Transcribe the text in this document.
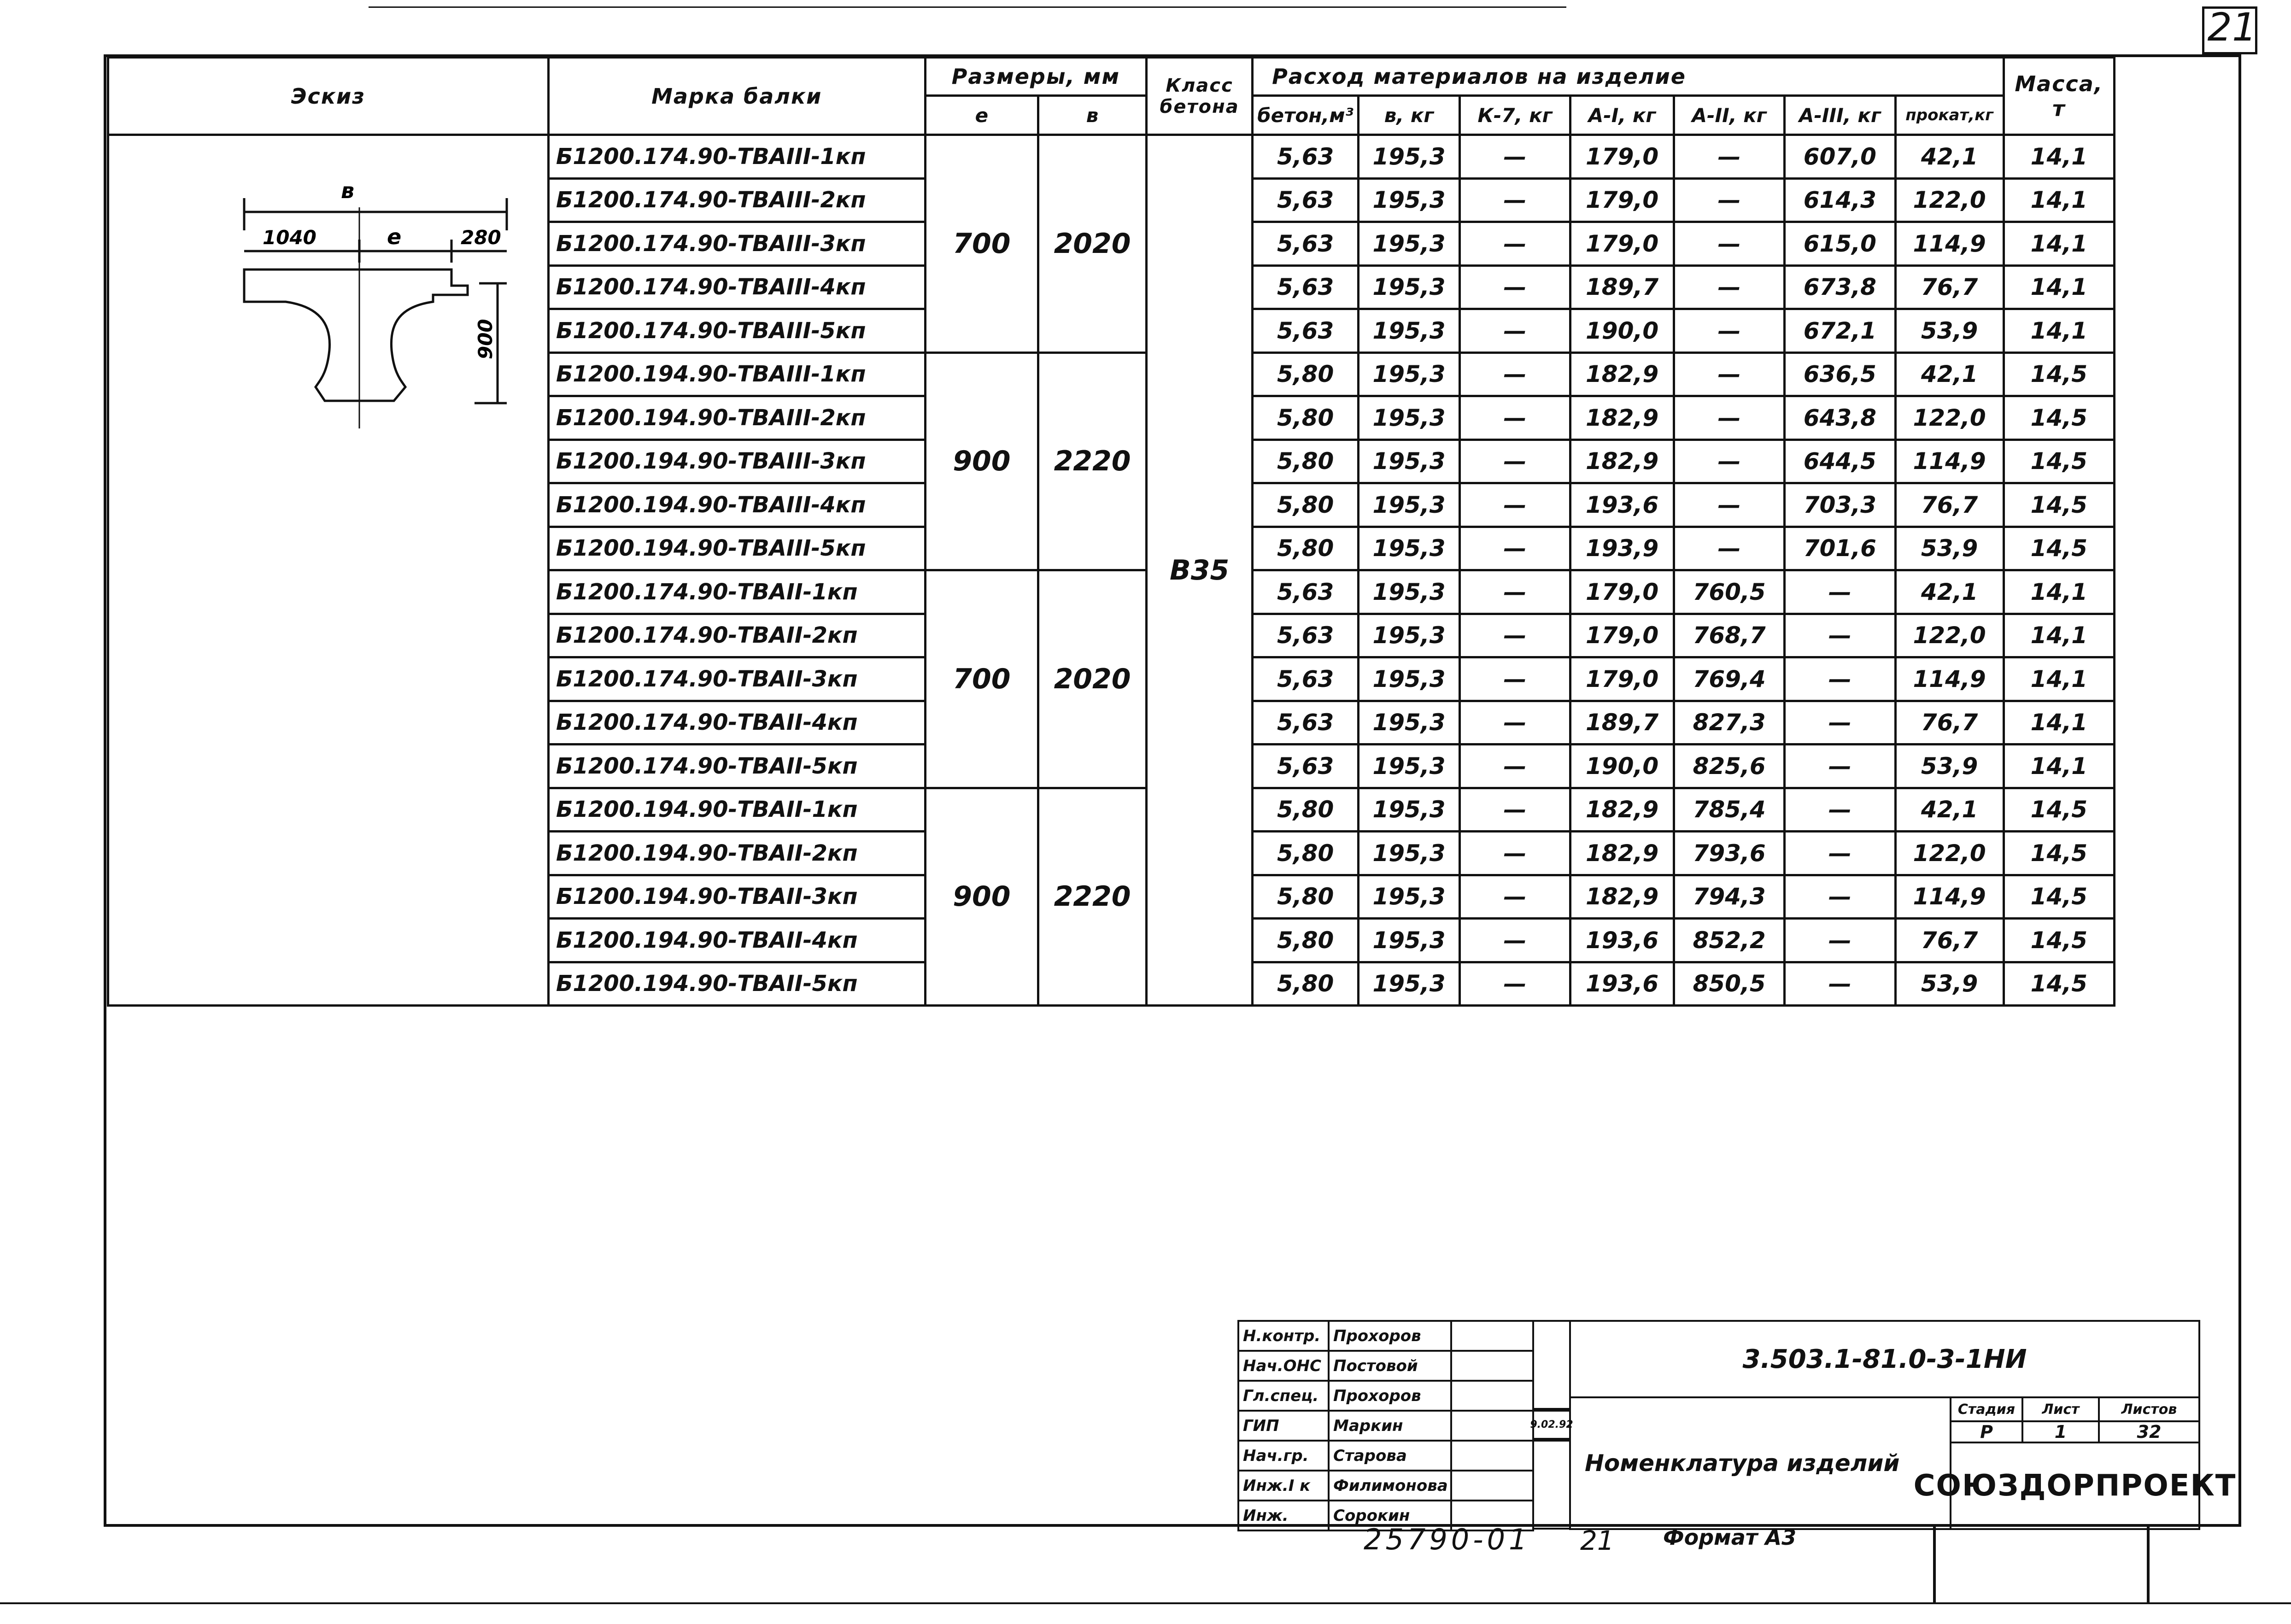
21
Эскиз	Марка балки	Размеры, мм		Класс бетона	Расход материалов на изделие							Масса, т
		e	в		бетон,м³	в, кг	К-7, кг	А-I, кг	А-II, кг	А-III, кг	прокат,кг	
	Б1200.174.90-ТВАIII-1кп	700	2020	В35	5,63	195,3	—	179,0	—	607,0	42,1	14,1
	Б1200.174.90-ТВАIII-2кп				5,63	195,3	—	179,0	—	614,3	122,0	14,1
	Б1200.174.90-ТВАIII-3кп				5,63	195,3	—	179,0	—	615,0	114,9	14,1
	Б1200.174.90-ТВАIII-4кп				5,63	195,3	—	189,7	—	673,8	76,7	14,1
	Б1200.174.90-ТВАIII-5кп				5,63	195,3	—	190,0	—	672,1	53,9	14,1
	Б1200.194.90-ТВАIII-1кп	900	2220		5,80	195,3	—	182,9	—	636,5	42,1	14,5
	Б1200.194.90-ТВАIII-2кп				5,80	195,3	—	182,9	—	643,8	122,0	14,5
	Б1200.194.90-ТВАIII-3кп				5,80	195,3	—	182,9	—	644,5	114,9	14,5
	Б1200.194.90-ТВАIII-4кп				5,80	195,3	—	193,6	—	703,3	76,7	14,5
	Б1200.194.90-ТВАIII-5кп				5,80	195,3	—	193,9	—	701,6	53,9	14,5
	Б1200.174.90-ТВАII-1кп	700	2020		5,63	195,3	—	179,0	760,5	—	42,1	14,1
	Б1200.174.90-ТВАII-2кп				5,63	195,3	—	179,0	768,7	—	122,0	14,1
	Б1200.174.90-ТВАII-3кп				5,63	195,3	—	179,0	769,4	—	114,9	14,1
	Б1200.174.90-ТВАII-4кп				5,63	195,3	—	189,7	827,3	—	76,7	14,1
	Б1200.174.90-ТВАII-5кп				5,63	195,3	—	190,0	825,6	—	53,9	14,1
	Б1200.194.90-ТВАII-1кп	900	2220		5,80	195,3	—	182,9	785,4	—	42,1	14,5
	Б1200.194.90-ТВАII-2кп				5,80	195,3	—	182,9	793,6	—	122,0	14,5
	Б1200.194.90-ТВАII-3кп				5,80	195,3	—	182,9	794,3	—	114,9	14,5
	Б1200.194.90-ТВАII-4кп				5,80	195,3	—	193,6	852,2	—	76,7	14,5
	Б1200.194.90-ТВАII-5кп				5,80	195,3	—	193,6	850,5	—	53,9	14,5
в
1040	e	280
900
Н.контр. Прохоров
Нач.ОНС Постовой
Гл.спец. Прохоров
ГИП	Маркин
Нач.гр.	Старова
Инж.I к	Филимонова
Инж.	Сорокин
9.02.92
3.503.1-81.0-3-1НИ
Номенклатура изделий
Стадия	Лист	Листов
Р	1	32
СОЮЗДОРПРОЕКТ
25790-01 21 Формат А3
